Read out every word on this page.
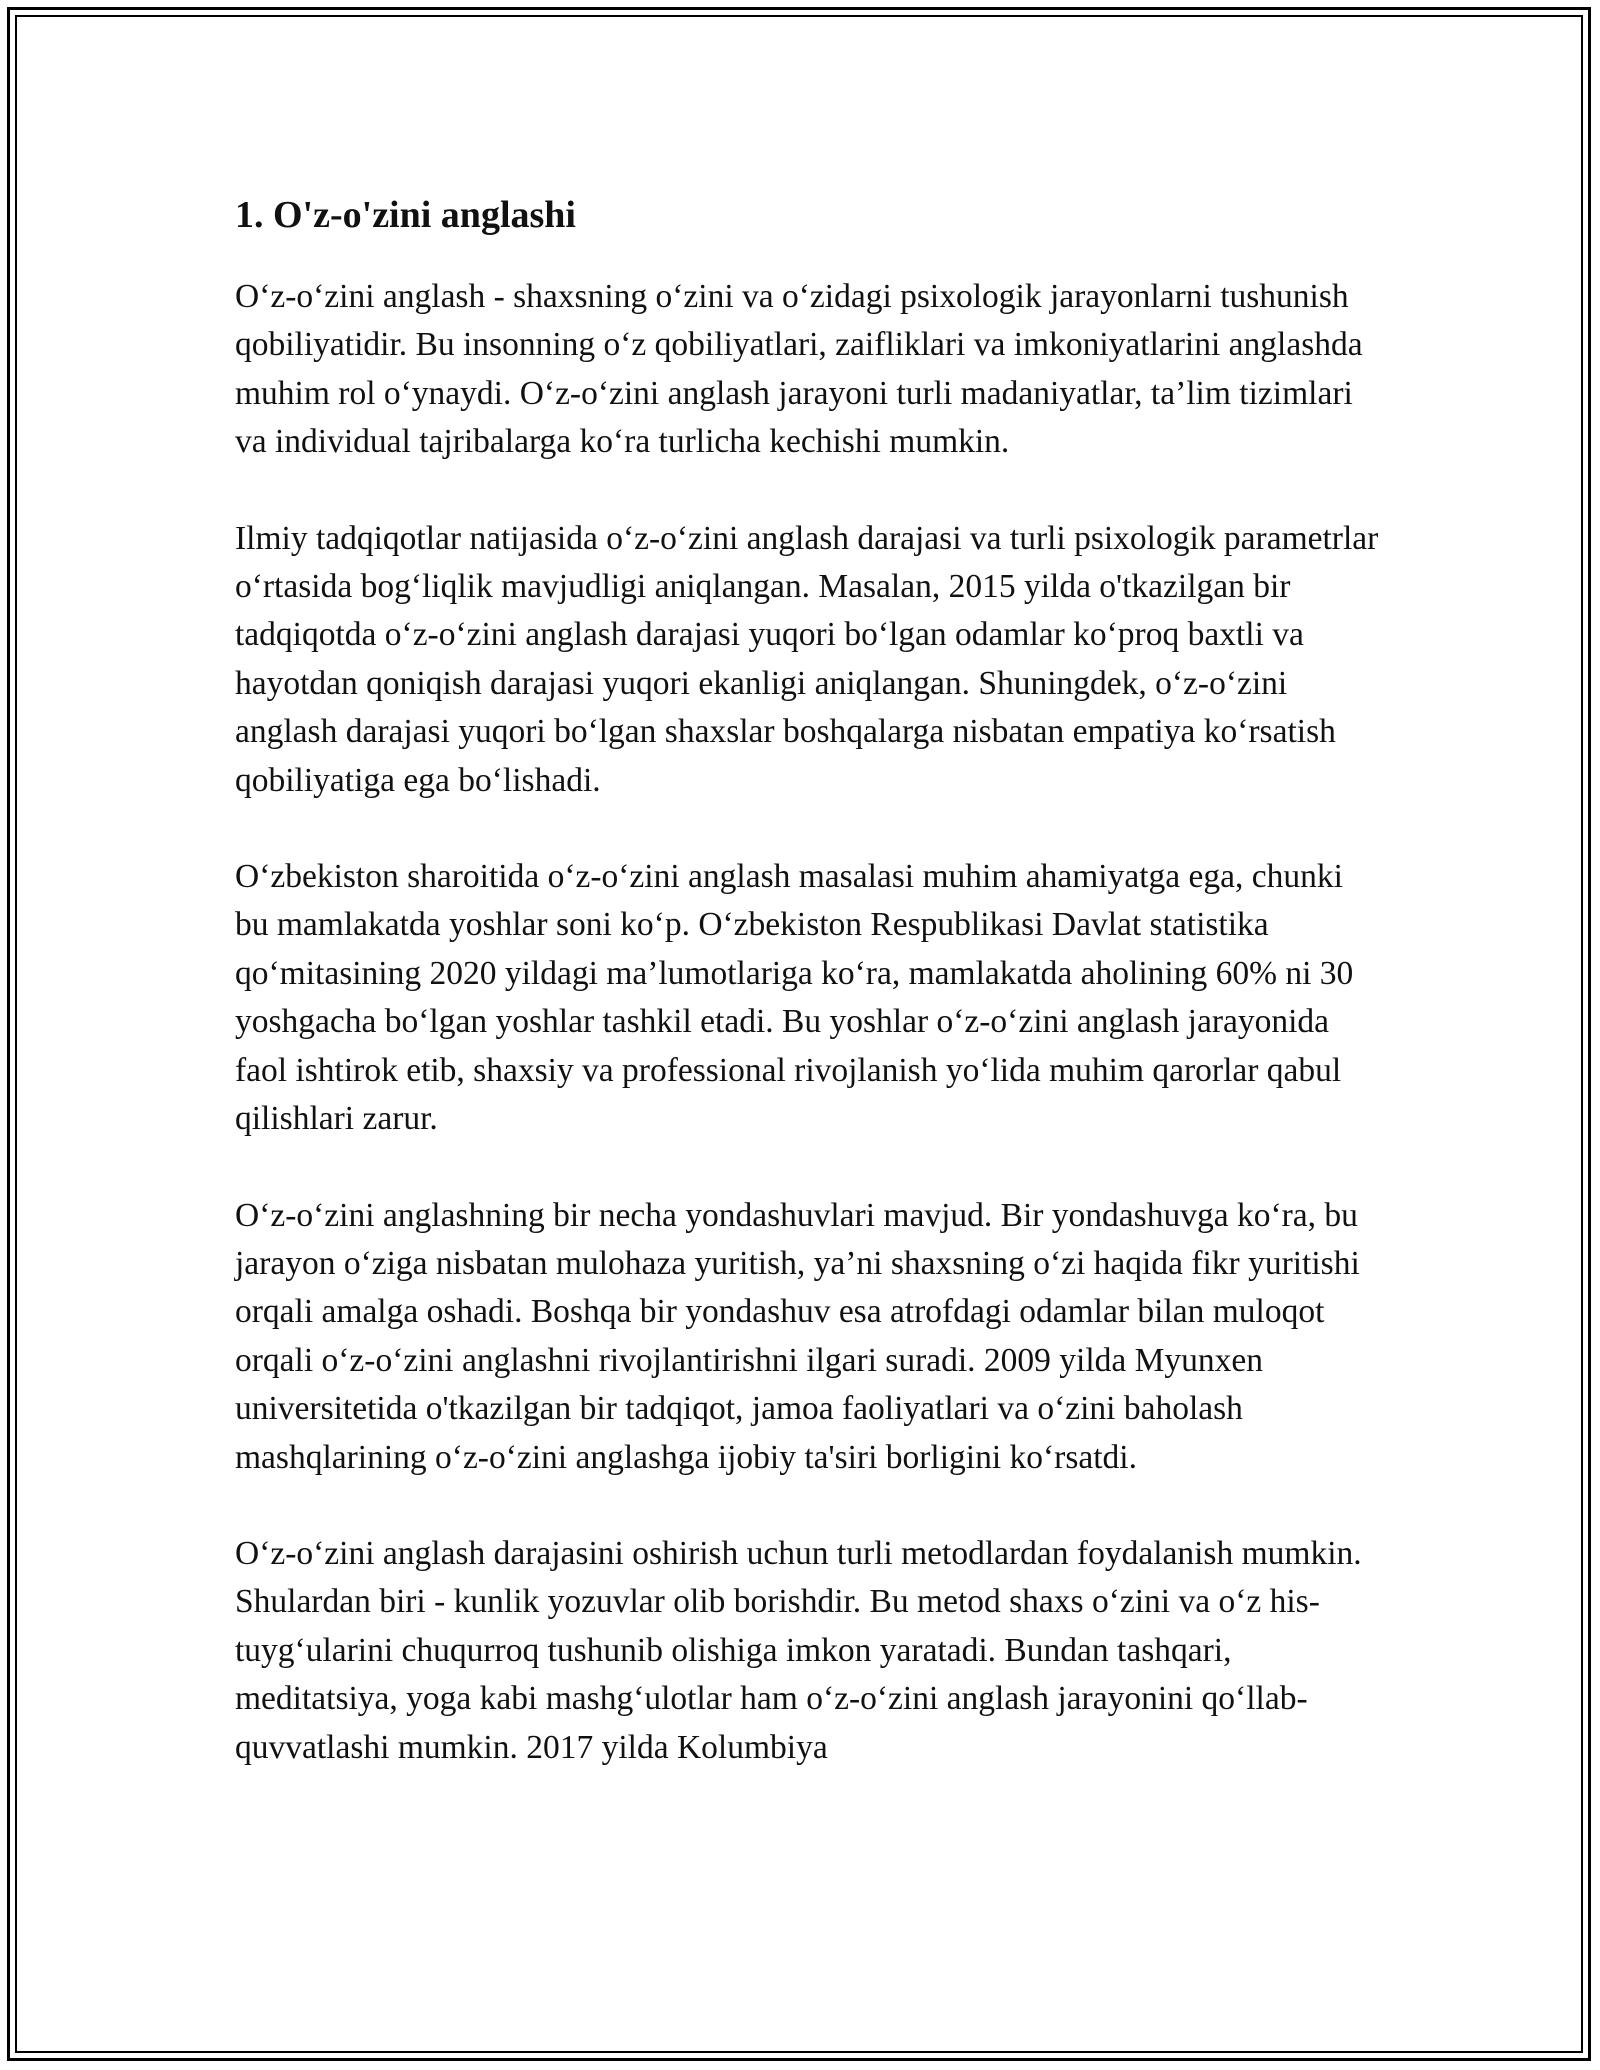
1. O'z-o'zini anglashi

O‘z-o‘zini anglash - shaxsning o‘zini va o‘zidagi psixologik jarayonlarni tushunish qobiliyatidir. Bu insonning o‘z qobiliyatlari, zaifliklari va imkoniyatlarini anglashda muhim rol o‘ynaydi. O‘z-o‘zini anglash jarayoni turli madaniyatlar, ta’lim tizimlari va individual tajribalarga ko‘ra turlicha kechishi mumkin.

Ilmiy tadqiqotlar natijasida o‘z-o‘zini anglash darajasi va turli psixologik parametrlar o‘rtasida bog‘liqlik mavjudligi aniqlangan. Masalan, 2015 yilda o'tkazilgan bir tadqiqotda o‘z-o‘zini anglash darajasi yuqori bo‘lgan odamlar ko‘proq baxtli va hayotdan qoniqish darajasi yuqori ekanligi aniqlangan. Shuningdek, o‘z-o‘zini anglash darajasi yuqori bo‘lgan shaxslar boshqalarga nisbatan empatiya ko‘rsatish qobiliyatiga ega bo‘lishadi.

O‘zbekiston sharoitida o‘z-o‘zini anglash masalasi muhim ahamiyatga ega, chunki bu mamlakatda yoshlar soni ko‘p. O‘zbekiston Respublikasi Davlat statistika qo‘mitasining 2020 yildagi ma’lumotlariga ko‘ra, mamlakatda aholining 60% ni 30 yoshgacha bo‘lgan yoshlar tashkil etadi. Bu yoshlar o‘z-o‘zini anglash jarayonida faol ishtirok etib, shaxsiy va professional rivojlanish yo‘lida muhim qarorlar qabul qilishlari zarur.

O‘z-o‘zini anglashning bir necha yondashuvlari mavjud. Bir yondashuvga ko‘ra, bu jarayon o‘ziga nisbatan mulohaza yuritish, ya’ni shaxsning o‘zi haqida fikr yuritishi orqali amalga oshadi. Boshqa bir yondashuv esa atrofdagi odamlar bilan muloqot orqali o‘z-o‘zini anglashni rivojlantirishni ilgari suradi. 2009 yilda Myunxen universitetida o'tkazilgan bir tadqiqot, jamoa faoliyatlari va o‘zini baholash mashqlarining o‘z-o‘zini anglashga ijobiy ta'siri borligini ko‘rsatdi.

O‘z-o‘zini anglash darajasini oshirish uchun turli metodlardan foydalanish mumkin. Shulardan biri - kunlik yozuvlar olib borishdir. Bu metod shaxs o‘zini va o‘z his-tuyg‘ularini chuqurroq tushunib olishiga imkon yaratadi. Bundan tashqari, meditatsiya, yoga kabi mashg‘ulotlar ham o‘z-o‘zini anglash jarayonini qo‘llab-quvvatlashi mumkin. 2017 yilda Kolumbiya
